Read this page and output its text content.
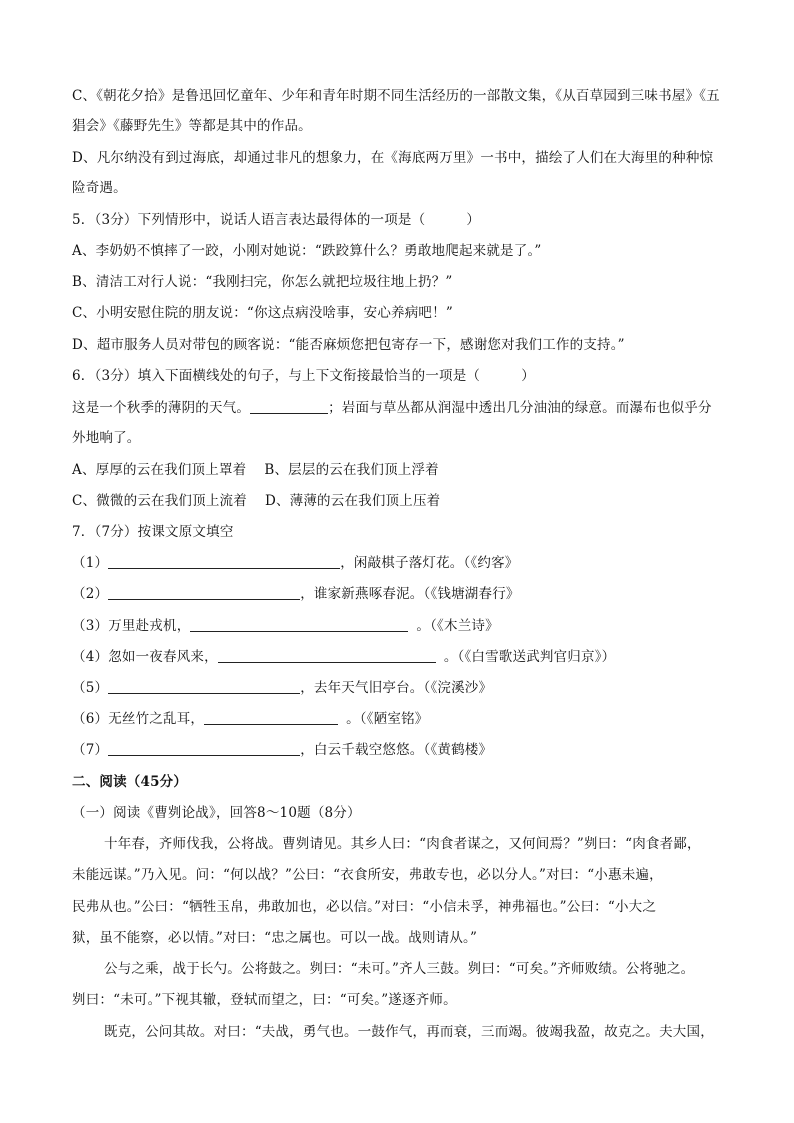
C、《朝花夕拾》是鲁迅回忆童年、少年和青年时期不同生活经历的一部散文集，《从百草园到三味书屋》《五
猖会》《藤野先生》等都是其中的作品。
D、凡尔纳没有到过海底，却通过非凡的想象力，在《海底两万里》一书中，描绘了人们在大海里的种种惊
险奇遇。
5．（3分）下列情形中，说话人语言表达最得体的一项是（　　　）
A、李奶奶不慎摔了一跤，小刚对她说：“跌跤算什么？勇敢地爬起来就是了。”
B、清洁工对行人说：“我刚扫完，你怎么就把垃圾往地上扔？”
C、小明安慰住院的朋友说：“你这点病没啥事，安心养病吧！”
D、超市服务人员对带包的顾客说：“能否麻烦您把包寄存一下，感谢您对我们工作的支持。”
6．（3分）填入下面横线处的句子，与上下文衔接最恰当的一项是（　　　）
这是一个秋季的薄阴的天气。	；岩面与草丛都从润湿中透出几分油油的绿意。而瀑布也似乎分
外地响了。
A、厚厚的云在我们顶上罩着 B、层层的云在我们顶上浮着
C、微微的云在我们顶上流着 D、薄薄的云在我们顶上压着
7．（7分）按课文原文填空
（1）	，闲敲棋子落灯花。（《约客》
（2）	，谁家新燕啄春泥。（《钱塘湖春行》
（3）万里赴戎机，	。（《木兰诗》
（4）忽如一夜春风来，	。（《白雪歌送武判官归京》）
（5）	，去年天气旧亭台。（《浣溪沙》
（6）无丝竹之乱耳，	。（《陋室铭》
（7）	，白云千载空悠悠。（《黄鹤楼》
二、阅读（45分）
（一）阅读《曹刿论战》，回答8～10题（8分）
十年春，齐师伐我，公将战。曹刿请见。其乡人曰：“肉食者谋之，又何间焉？”刿曰：“肉食者鄙，
未能远谋。”乃入见。问：“何以战？”公曰：“衣食所安，弗敢专也，必以分人。”对曰：“小惠未遍，
民弗从也。”公曰：“牺牲玉帛，弗敢加也，必以信。”对曰：“小信未孚，神弗福也。”公曰：“小大之
狱，虽不能察，必以情。”对曰：“忠之属也。可以一战。战则请从。”
公与之乘，战于长勺。公将鼓之。刿曰：“未可。”齐人三鼓。刿曰：“可矣。”齐师败绩。公将驰之。
刿曰：“未可。”下视其辙，登轼而望之，曰：“可矣。”遂逐齐师。
既克，公问其故。对曰：“夫战，勇气也。一鼓作气，再而衰，三而竭。彼竭我盈，故克之。夫大国，
